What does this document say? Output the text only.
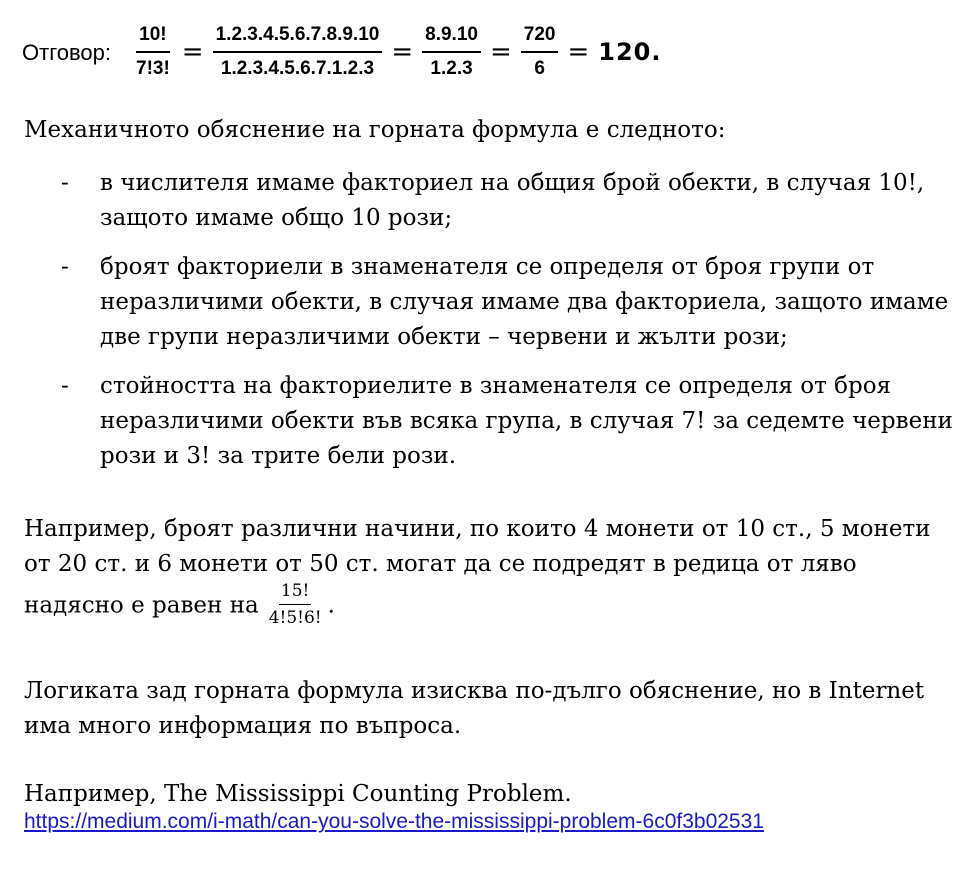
Отговор: $\frac{10!}{7!3!} = \frac{1.2.3.4.5.6.7.8.9.10}{1.2.3.4.5.6.7.1.2.3} = \frac{8.9.10}{1.2.3} = \frac{720}{6} = 120$.

Механичното обяснение на горната формула е следното:

- в числителя имаме факториел на общия брой обекти, в случая 10!, защото имаме общо 10 рози;
- броят факториели в знаменателя се определя от броя групи от неразличими обекти, в случая имаме два факториела, защото имаме две групи неразличими обекти – червени и жълти рози;
- стойността на факториелите в знаменателя се определя от броя неразличими обекти във всяка група, в случая 7! за седемте червени рози и 3! за трите бели рози.

Например, броят различни начини, по които 4 монети от 10 ст., 5 монети от 20 ст. и 6 монети от 50 ст. могат да се подредят в редица от ляво надясно е равен на $\frac{15!}{4!5!6!}$ .

Логиката зад горната формула изисква по-дълго обяснение, но в Internet има много информация по въпроса.

Например, The Mississippi Counting Problem.

https://medium.com/i-math/can-you-solve-the-mississippi-problem-6c0f3b02531
